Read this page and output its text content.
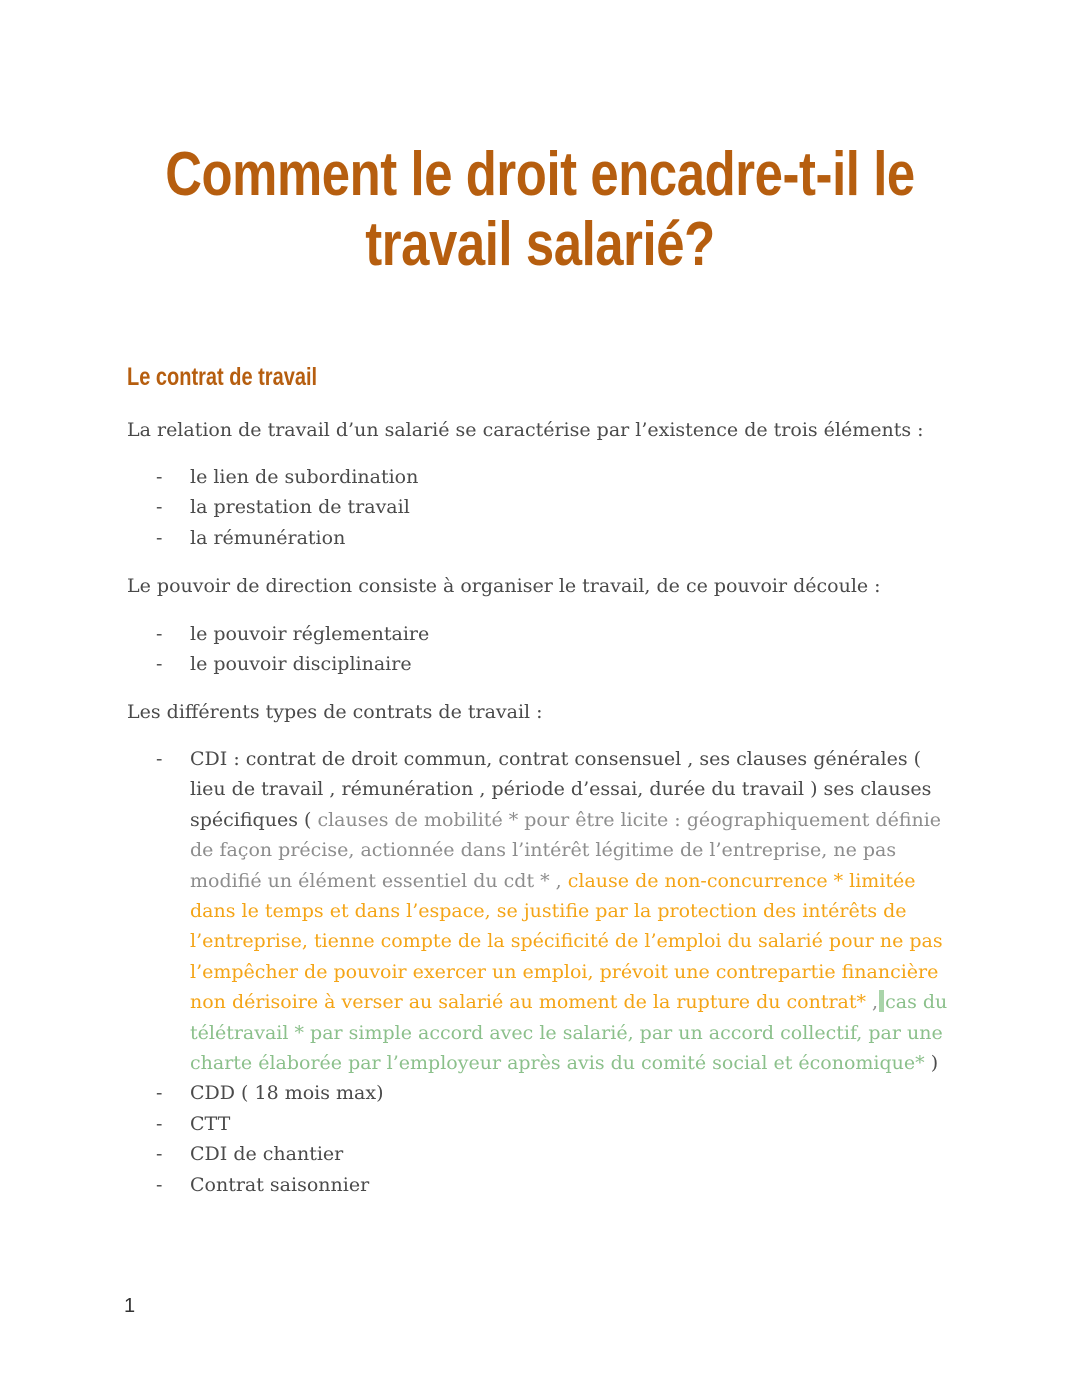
Comment le droit encadre-t-il le
travail salarié?
Le contrat de travail

La relation de travail d’un salarié se caractérise par l’existence de trois éléments :

- le lien de subordination
- la prestation de travail
- la rémunération

Le pouvoir de direction consiste à organiser le travail, de ce pouvoir découle :

- le pouvoir réglementaire
- le pouvoir disciplinaire

Les différents types de contrats de travail :

- CDI : contrat de droit commun, contrat consensuel , ses clauses générales ( lieu de travail , rémunération , période d’essai, durée du travail ) ses clauses spécifiques ( clauses de mobilité * pour être licite : géographiquement définie de façon précise, actionnée dans l’intérêt légitime de l’entreprise, ne pas modifié un élément essentiel du cdt * , clause de non-concurrence * limitée dans le temps et dans l’espace, se justifie par la protection des intérêts de l’entreprise, tienne compte de la spécificité de l’emploi du salarié pour ne pas l’empêcher de pouvoir exercer un emploi, prévoit une contrepartie financière non dérisoire à verser au salarié au moment de la rupture du contrat* , cas du télétravail * par simple accord avec le salarié, par un accord collectif, par une charte élaborée par l’employeur après avis du comité social et économique* )
- CDD ( 18 mois max)
- CTT
- CDI de chantier
- Contrat saisonnier
1
